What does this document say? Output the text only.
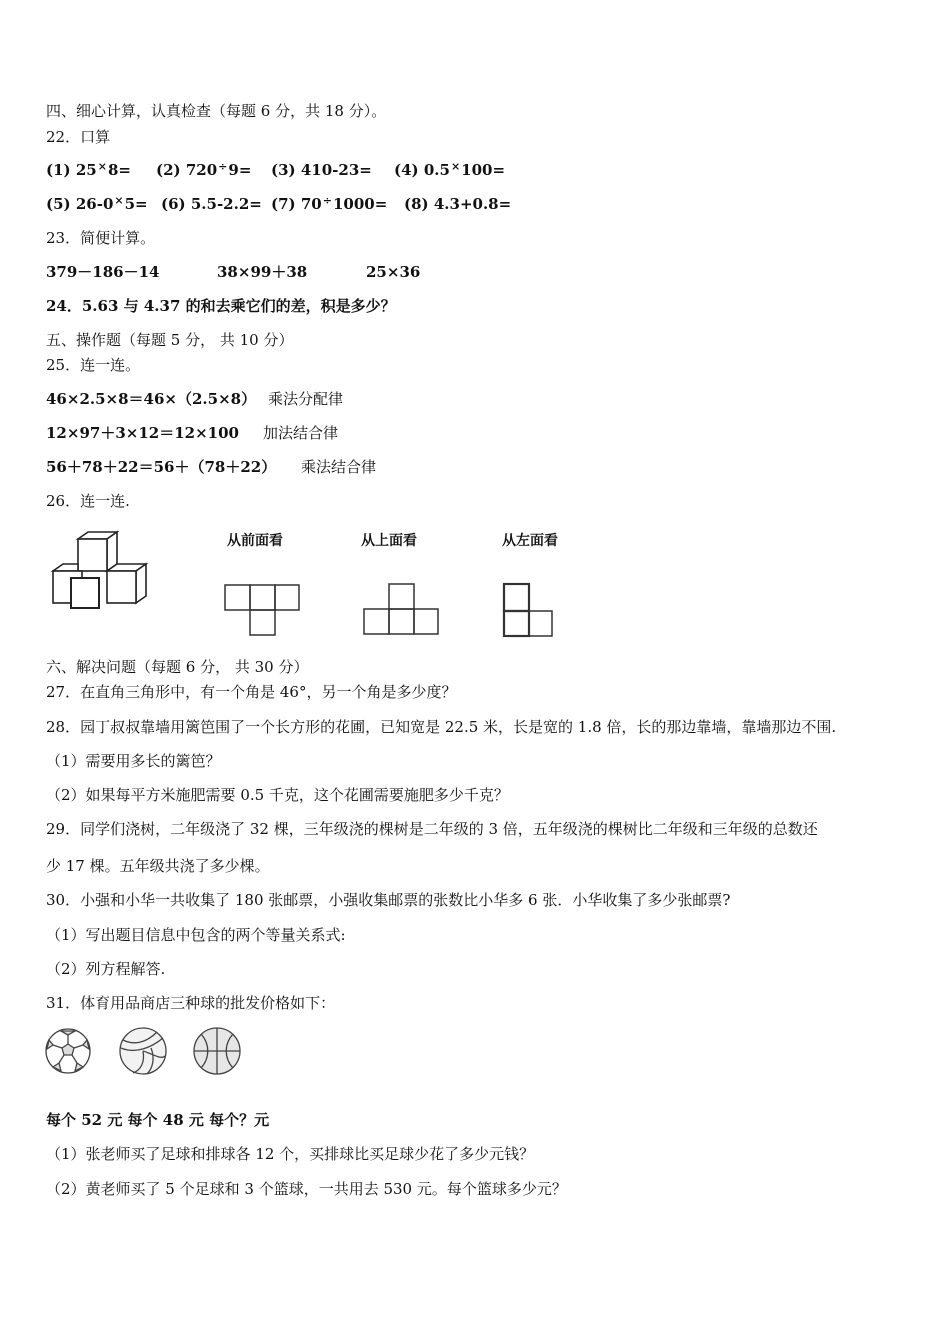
四、细心计算，认真检查（每题 6 分，共 18 分）。
22．口算
(1) 25×8= (2) 720÷9= (3) 410-23= (4) 0.5×100=
(5) 26-0×5= (6) 5.5-2.2= (7) 70÷1000= (8) 4.3+0.8=
23．简便计算。
379－186－14	38×99＋38	25×36
24．5.63 与 4.37 的和去乘它们的差，积是多少？
五、操作题（每题 5 分， 共 10 分）
25．连一连。
46×2.5×8＝46×（2.5×8） 乘法分配律
12×97＋3×12＝12×100 加法结合律
56＋78＋22＝56＋（78＋22） 乘法结合律
26．连一连.
从前面看	从上面看	从左面看
六、解决问题（每题 6 分， 共 30 分）
27．在直角三角形中，有一个角是 46°，另一个角是多少度？
28．园丁叔叔靠墙用篱笆围了一个长方形的花圃，已知宽是 22.5 米，长是宽的 1.8 倍，长的那边靠墙，靠墙那边不围.
（1）需要用多长的篱笆？
（2）如果每平方米施肥需要 0.5 千克，这个花圃需要施肥多少千克？
29．同学们浇树，二年级浇了 32 棵，三年级浇的棵树是二年级的 3 倍，五年级浇的棵树比二年级和三年级的总数还
少 17 棵。五年级共浇了多少棵。
30．小强和小华一共收集了 180 张邮票，小强收集邮票的张数比小华多 6 张．小华收集了多少张邮票?
（1）写出题目信息中包含的两个等量关系式:
（2）列方程解答.
31．体育用品商店三种球的批发价格如下：
每个 52 元 每个 48 元 每个？元
（1）张老师买了足球和排球各 12 个，买排球比买足球少花了多少元钱？
（2）黄老师买了 5 个足球和 3 个篮球，一共用去 530 元。每个篮球多少元？
